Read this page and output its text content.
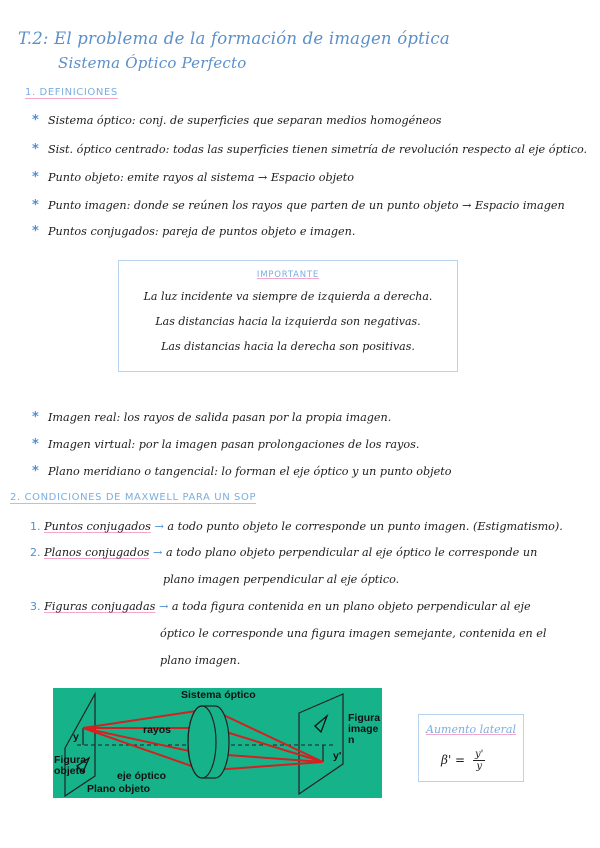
T.2: El problema de la formación de imagen óptica
Sistema Óptico Perfecto
1. DEFINICIONES
* Sistema óptico: conj. de superficies que separan medios homogéneos
* Sist. óptico centrado: todas las superficies tienen simetría de revolución respecto al eje óptico.
* Punto objeto: emite rayos al sistema → Espacio objeto
* Punto imagen: donde se reúnen los rayos que parten de un punto objeto → Espacio imagen
* Puntos conjugados: pareja de puntos objeto e imagen.
IMPORTANTE
La luz incidente va siempre de izquierda a derecha.
Las distancias hacia la izquierda son negativas.
Las distancias hacia la derecha son positivas.
* Imagen real: los rayos de salida pasan por la propia imagen.
* Imagen virtual: por la imagen pasan prolongaciones de los rayos.
* Plano meridiano o tangencial: lo forman el eje óptico y un punto objeto
2. CONDICIONES DE MAXWELL PARA UN SOP
1. Puntos conjugados → a todo punto objeto le corresponde un punto imagen. (Estigmatismo).
2. Planos conjugados → a todo plano objeto perpendicular al eje óptico le corresponde un
plano imagen perpendicular al eje óptico.
3. Figuras conjugadas → a toda figura contenida en un plano objeto perpendicular al eje
óptico le corresponde una figura imagen semejante, contenida en el
plano imagen.
Sistema óptico
rayos
y
y'
Figura
objeto
Figura
image
n
eje óptico
Plano objeto
Aumento lateral
$\beta' = \frac{y'}{y}$
